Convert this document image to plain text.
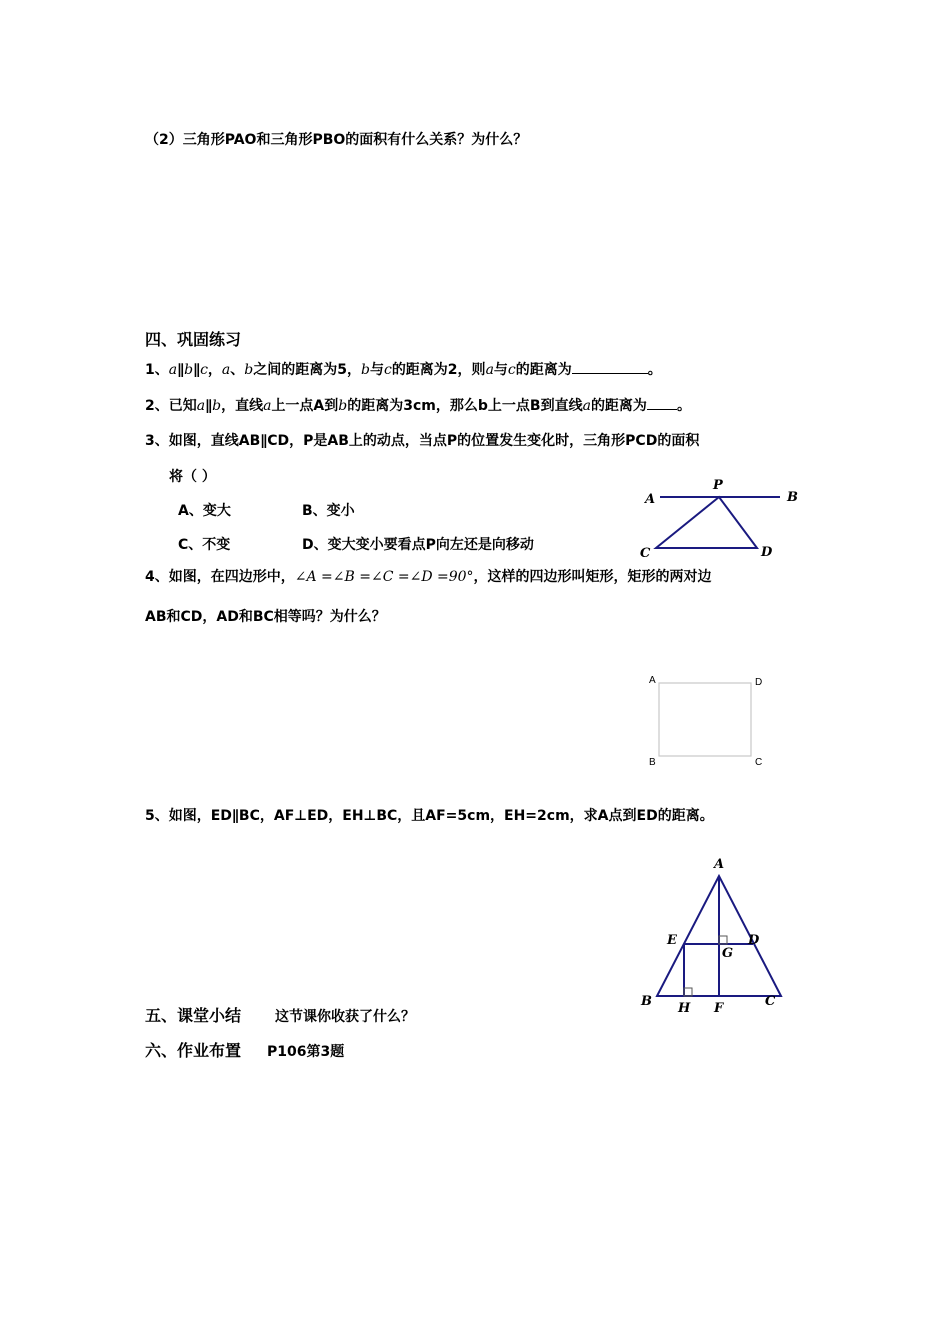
（2）三角形PAO和三角形PBO的面积有什么关系？为什么？
四、巩固练习
1、a∥b∥c，a、b之间的距离为5，b与c的距离为2，则a与c的距离为	。
2、已知a∥b，直线a上一点A到b的距离为3cm，那么b上一点B到直线a的距离为 。
3、如图，直线AB∥CD，P是AB上的动点，当点P的位置发生变化时，三角形PCD的面积
将（ ）
A、变大	B、变小
C、不变	D、变大变小要看点P向左还是向移动
A	B
P
C	D
4、如图，在四边形中，∠A =∠B =∠C =∠D =90°，这样的四边形叫矩形，矩形的两对边
AB和CD，AD和BC相等吗？为什么？
A	D
B	C
5、如图，ED∥BC，AF⊥ED，EH⊥BC，且AF=5cm，EH=2cm，求A点到ED的距离。
A
E	D
G
B H F	C
五、课堂小结 这节课你收获了什么？
六、作业布置 P106第3题
